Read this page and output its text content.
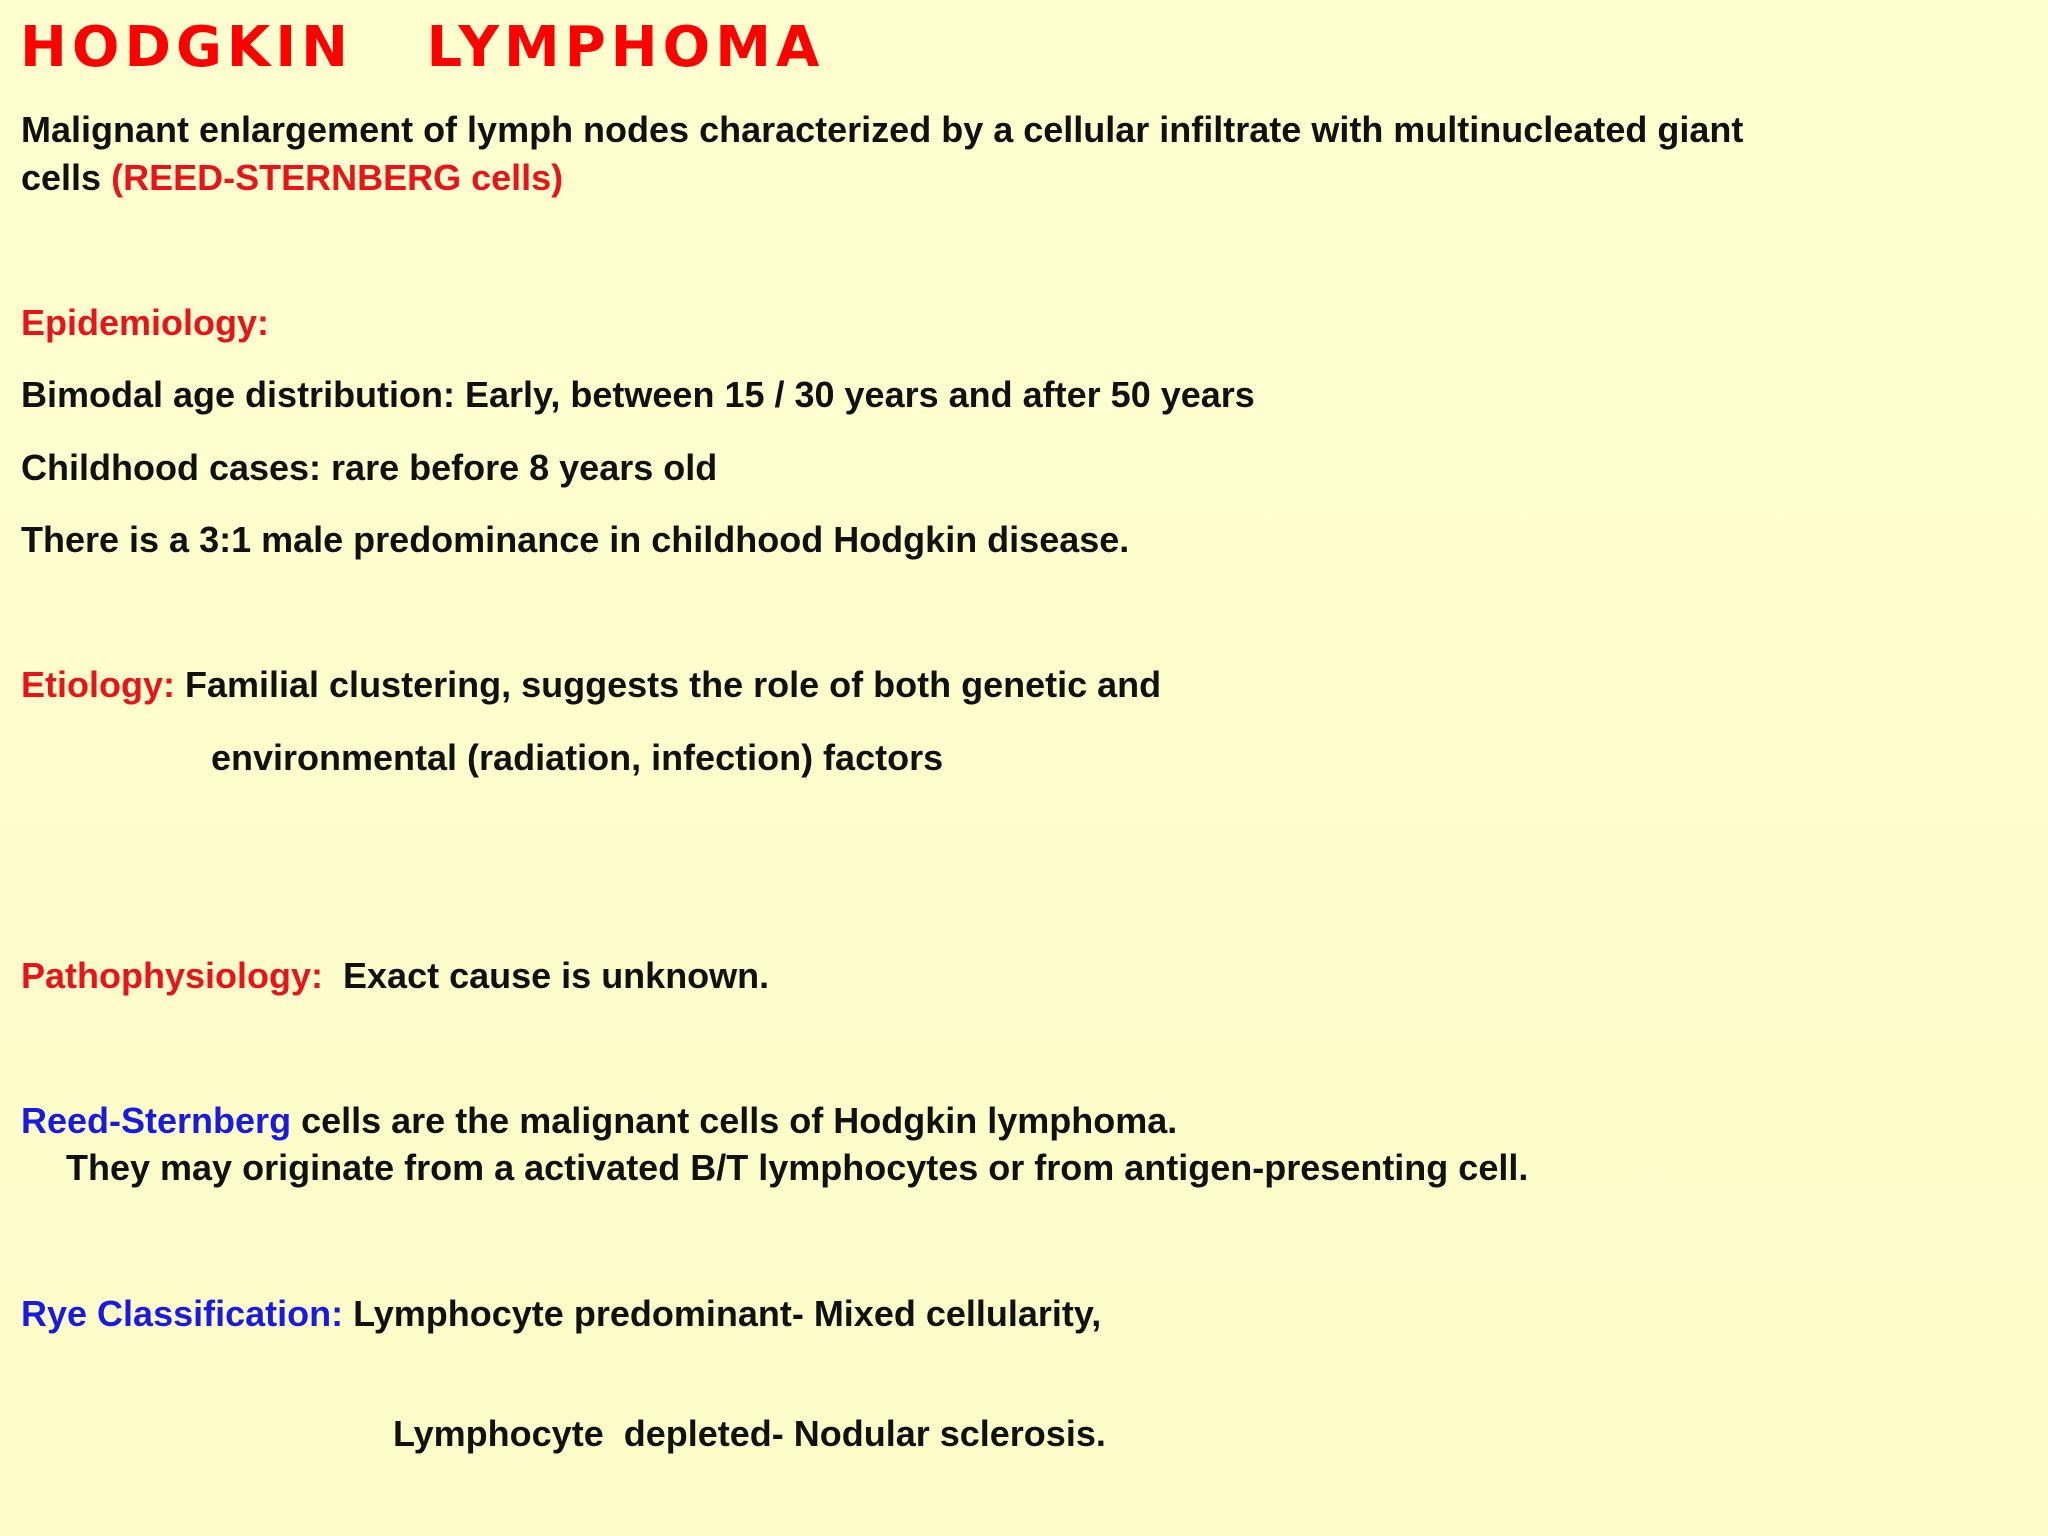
HODGKIN   LYMPHOMA
Malignant enlargement of lymph nodes characterized by a cellular infiltrate with multinucleated giant
cells (REED-STERNBERG cells)
Epidemiology:
Bimodal age distribution: Early, between 15 / 30 years and after 50 years
Childhood cases: rare before 8 years old
There is a 3:1 male predominance in childhood Hodgkin disease.
Etiology: Familial clustering, suggests the role of both genetic and
environmental (radiation, infection) factors
Pathophysiology:  Exact cause is unknown.
Reed-Sternberg cells are the malignant cells of Hodgkin lymphoma.
They may originate from a activated B/T lymphocytes or from antigen-presenting cell.
Rye Classification: Lymphocyte predominant- Mixed cellularity,
Lymphocyte  depleted- Nodular sclerosis.
